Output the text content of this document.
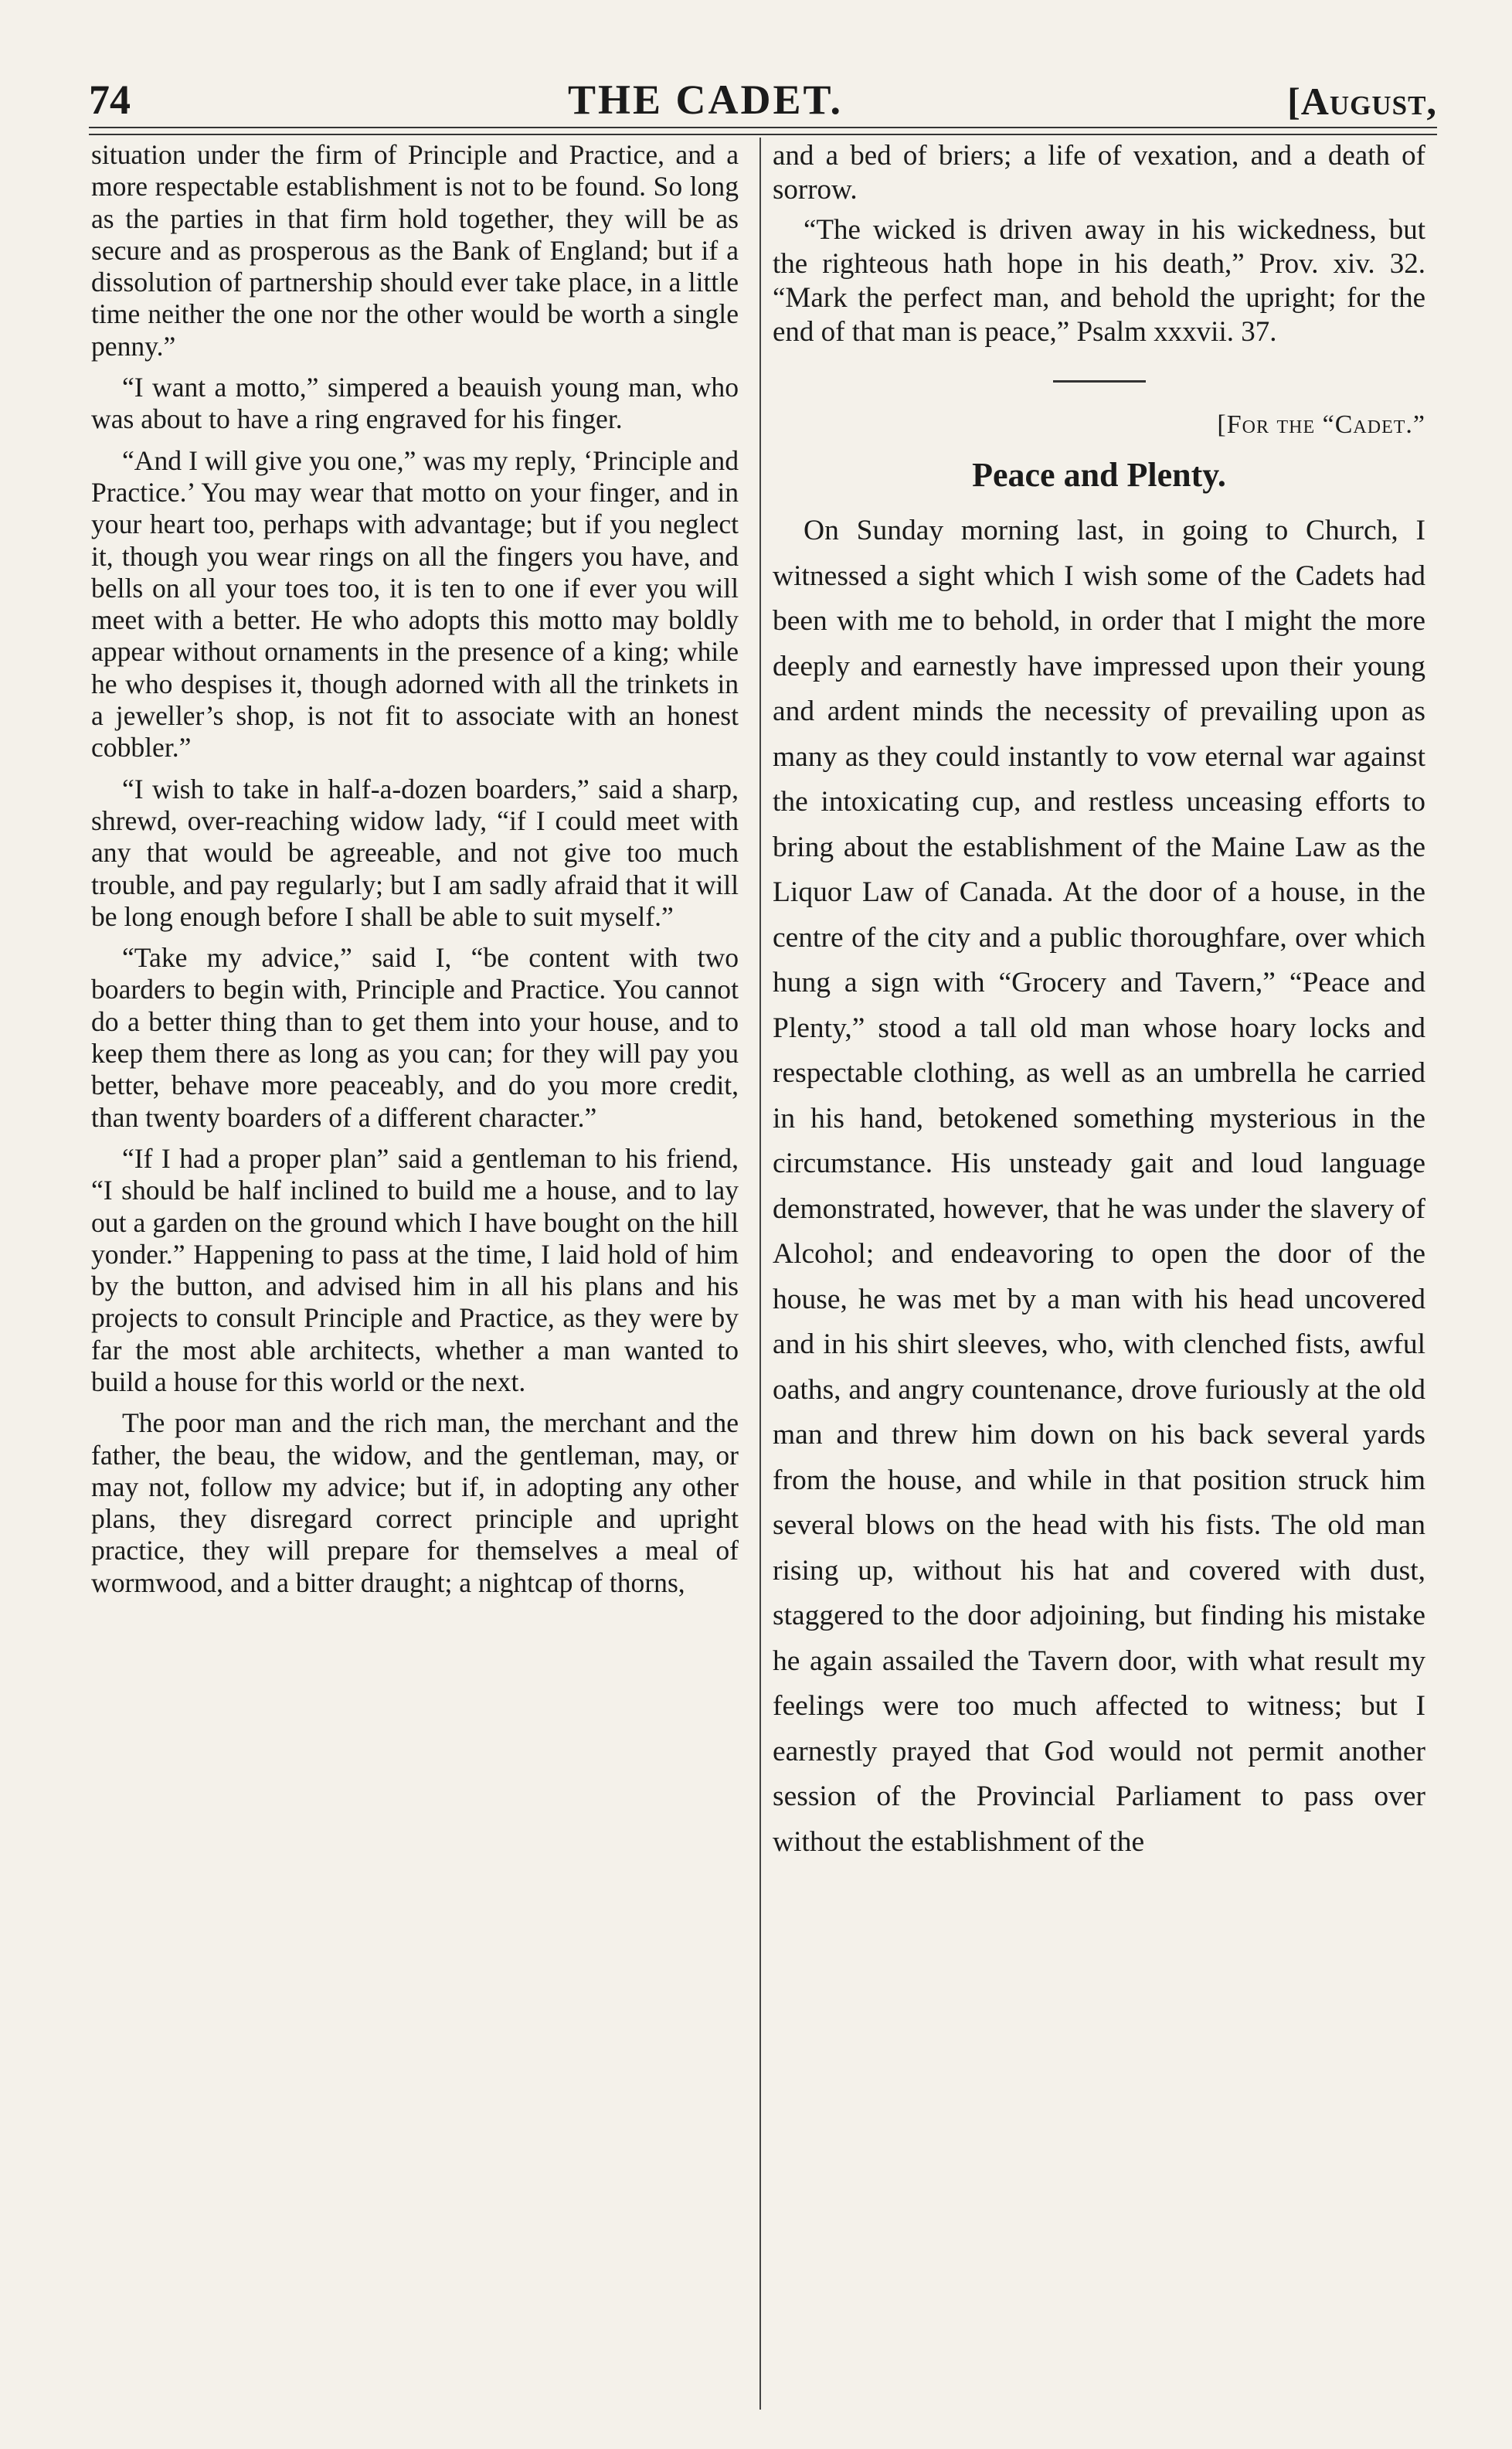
74	THE CADET.	[August,

situation under the firm of Principle and Practice, and a more respectable establishment is not to be found. So long as the parties in that firm hold together, they will be as secure and as prosperous as the Bank of England; but if a dissolution of partnership should ever take place, in a little time neither the one nor the other would be worth a single penny.”

“I want a motto,” simpered a beauish young man, who was about to have a ring engraved for his finger.

“And I will give you one,” was my reply, ‘Principle and Practice.’ You may wear that motto on your finger, and in your heart too, perhaps with advantage; but if you neglect it, though you wear rings on all the fingers you have, and bells on all your toes too, it is ten to one if ever you will meet with a better. He who adopts this motto may boldly appear without ornaments in the presence of a king; while he who despises it, though adorned with all the trinkets in a jeweller’s shop, is not fit to associate with an honest cobbler.”

“I wish to take in half-a-dozen boarders,” said a sharp, shrewd, over-reaching widow lady, “if I could meet with any that would be agreeable, and not give too much trouble, and pay regularly; but I am sadly afraid that it will be long enough before I shall be able to suit myself.”

“Take my advice,” said I, “be content with two boarders to begin with, Principle and Practice. You cannot do a better thing than to get them into your house, and to keep them there as long as you can; for they will pay you better, behave more peaceably, and do you more credit, than twenty boarders of a different character.”

“If I had a proper plan” said a gentleman to his friend, “I should be half inclined to build me a house, and to lay out a garden on the ground which I have bought on the hill yonder.” Happening to pass at the time, I laid hold of him by the button, and advised him in all his plans and his projects to consult Principle and Practice, as they were by far the most able architects, whether a man wanted to build a house for this world or the next.

The poor man and the rich man, the merchant and the father, the beau, the widow, and the gentleman, may, or may not, follow my advice; but if, in adopting any other plans, they disregard correct principle and upright practice, they will prepare for themselves a meal of wormwood, and a bitter draught; a nightcap of thorns,

and a bed of briers; a life of vexation, and a death of sorrow.

“The wicked is driven away in his wickedness, but the righteous hath hope in his death,” Prov. xiv. 32. “Mark the perfect man, and behold the upright; for the end of that man is peace,” Psalm xxxvii. 37.

[For the “Cadet.”
Peace and Plenty.

On Sunday morning last, in going to Church, I witnessed a sight which I wish some of the Cadets had been with me to behold, in order that I might the more deeply and earnestly have impressed upon their young and ardent minds the necessity of prevailing upon as many as they could instantly to vow eternal war against the intoxicating cup, and restless unceasing efforts to bring about the establishment of the Maine Law as the Liquor Law of Canada. At the door of a house, in the centre of the city and a public thoroughfare, over which hung a sign with “Grocery and Tavern,” “Peace and Plenty,” stood a tall old man whose hoary locks and respectable clothing, as well as an umbrella he carried in his hand, betokened something mysterious in the circumstance. His unsteady gait and loud language demonstrated, however, that he was under the slavery of Alcohol; and endeavoring to open the door of the house, he was met by a man with his head uncovered and in his shirt sleeves, who, with clenched fists, awful oaths, and angry countenance, drove furiously at the old man and threw him down on his back several yards from the house, and while in that position struck him several blows on the head with his fists. The old man rising up, without his hat and covered with dust, staggered to the door adjoining, but finding his mistake he again assailed the Tavern door, with what result my feelings were too much affected to witness; but I earnestly prayed that God would not permit another session of the Provincial Parliament to pass over without the establishment of the
